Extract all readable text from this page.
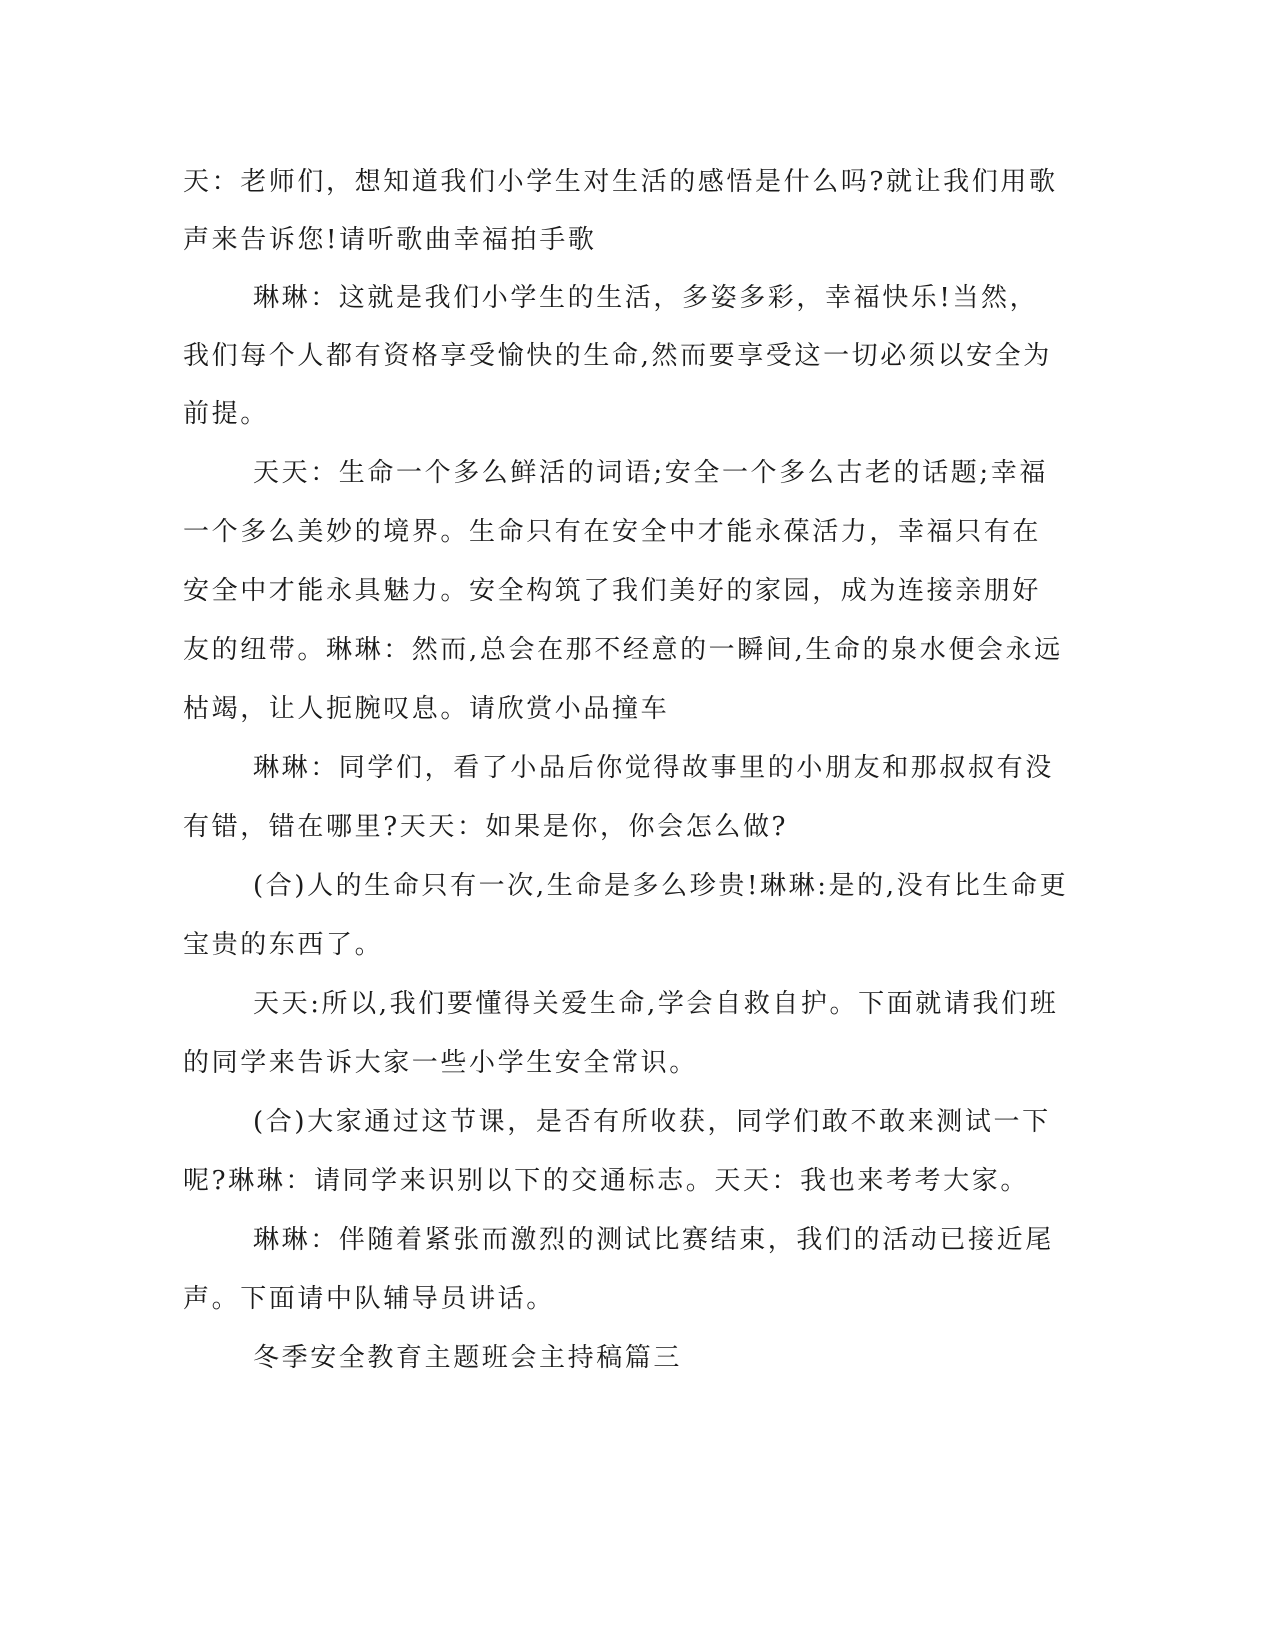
天：老师们，想知道我们小学生对生活的感悟是什么吗?就让我们用歌
声来告诉您!请听歌曲幸福拍手歌
琳琳：这就是我们小学生的生活，多姿多彩，幸福快乐!当然，
我们每个人都有资格享受愉快的生命,然而要享受这一切必须以安全为
前提。
天天：生命一个多么鲜活的词语;安全一个多么古老的话题;幸福
一个多么美妙的境界。生命只有在安全中才能永葆活力，幸福只有在
安全中才能永具魅力。安全构筑了我们美好的家园，成为连接亲朋好
友的纽带。琳琳：然而,总会在那不经意的一瞬间,生命的泉水便会永远
枯竭，让人扼腕叹息。请欣赏小品撞车
琳琳：同学们，看了小品后你觉得故事里的小朋友和那叔叔有没
有错，错在哪里?天天：如果是你，你会怎么做?
(合)人的生命只有一次,生命是多么珍贵!琳琳:是的,没有比生命更
宝贵的东西了。
天天:所以,我们要懂得关爱生命,学会自救自护。下面就请我们班
的同学来告诉大家一些小学生安全常识。
(合)大家通过这节课，是否有所收获，同学们敢不敢来测试一下
呢?琳琳：请同学来识别以下的交通标志。天天：我也来考考大家。
琳琳：伴随着紧张而激烈的测试比赛结束，我们的活动已接近尾
声。下面请中队辅导员讲话。
冬季安全教育主题班会主持稿篇三
